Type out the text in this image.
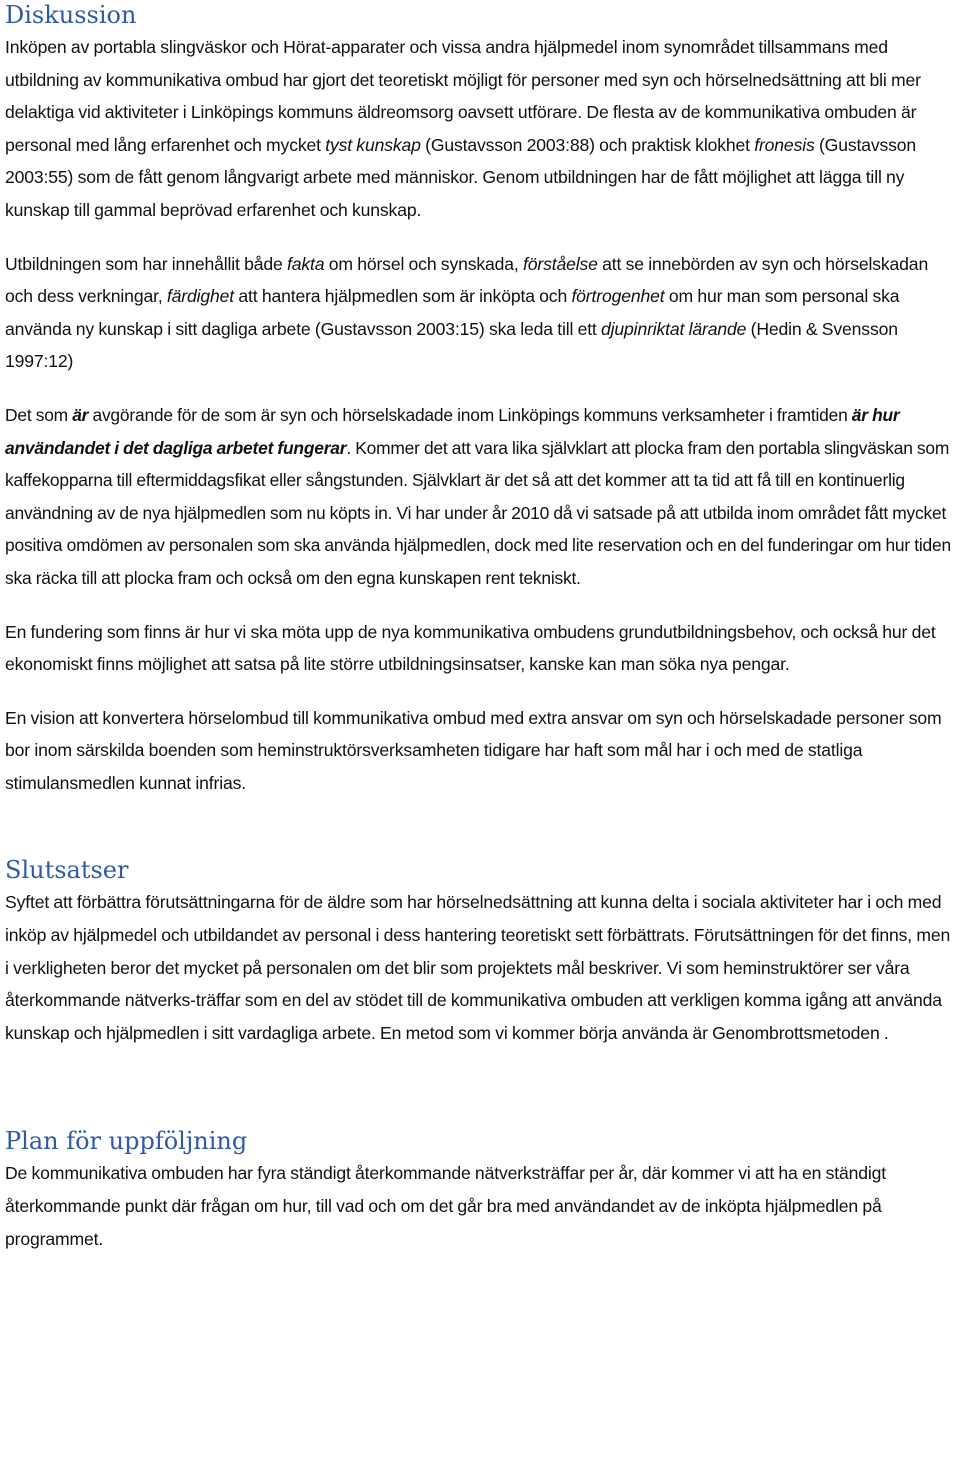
Diskussion

Inköpen av portabla slingväskor och Hörat-apparater och vissa andra hjälpmedel inom synområdet tillsammans med utbildning av kommunikativa ombud har gjort det teoretiskt möjligt för personer med syn och hörselnedsättning att bli mer delaktiga vid aktiviteter i Linköpings kommuns äldreomsorg oavsett utförare. De flesta av de kommunikativa ombuden är personal med lång erfarenhet och mycket tyst kunskap (Gustavsson 2003:88) och praktisk klokhet fronesis (Gustavsson 2003:55) som de fått genom långvarigt arbete med människor. Genom utbildningen har de fått möjlighet att lägga till ny kunskap till gammal beprövad erfarenhet och kunskap.

Utbildningen som har innehållit både fakta om hörsel och synskada, förståelse att se innebörden av syn och hörselskadan och dess verkningar, färdighet att hantera hjälpmedlen som är inköpta och förtrogenhet om hur man som personal ska använda ny kunskap i sitt dagliga arbete (Gustavsson 2003:15) ska leda till ett djupinriktat lärande (Hedin & Svensson 1997:12)

Det som är avgörande för de som är syn och hörselskadade inom Linköpings kommuns verksamheter i framtiden är hur användandet i det dagliga arbetet fungerar. Kommer det att vara lika självklart att plocka fram den portabla slingväskan som kaffekopparna till eftermiddagsfikat eller sångstunden. Självklart är det så att det kommer att ta tid att få till en kontinuerlig användning av de nya hjälpmedlen som nu köpts in. Vi har under år 2010 då vi satsade på att utbilda inom området fått mycket positiva omdömen av personalen som ska använda hjälpmedlen, dock med lite reservation och en del funderingar om hur tiden ska räcka till att plocka fram och också om den egna kunskapen rent tekniskt.

En fundering som finns är hur vi ska möta upp de nya kommunikativa ombudens grundutbildningsbehov, och också hur det ekonomiskt finns möjlighet att satsa på lite större utbildningsinsatser, kanske kan man söka nya pengar.

En vision att konvertera hörselombud till kommunikativa ombud med extra ansvar om syn och hörselskadade personer som bor inom särskilda boenden som heminstruktörsverksamheten tidigare har haft som mål har i och med de statliga stimulansmedlen kunnat infrias.

Slutsatser

Syftet att förbättra förutsättningarna för de äldre som har hörselnedsättning att kunna delta i sociala aktiviteter har i och med inköp av hjälpmedel och utbildandet av personal i dess hantering teoretiskt sett förbättrats. Förutsättningen för det finns, men i verkligheten beror det mycket på personalen om det blir som projektets mål beskriver. Vi som heminstruktörer ser våra återkommande nätverks-träffar som en del av stödet till de kommunikativa ombuden att verkligen komma igång att använda kunskap och hjälpmedlen i sitt vardagliga arbete. En metod som vi kommer börja använda är Genombrottsmetoden .

Plan för uppföljning

De kommunikativa ombuden har fyra ständigt återkommande nätverksträffar per år, där kommer vi att ha en ständigt återkommande punkt där frågan om hur, till vad och om det går bra med användandet av de inköpta hjälpmedlen på programmet.
